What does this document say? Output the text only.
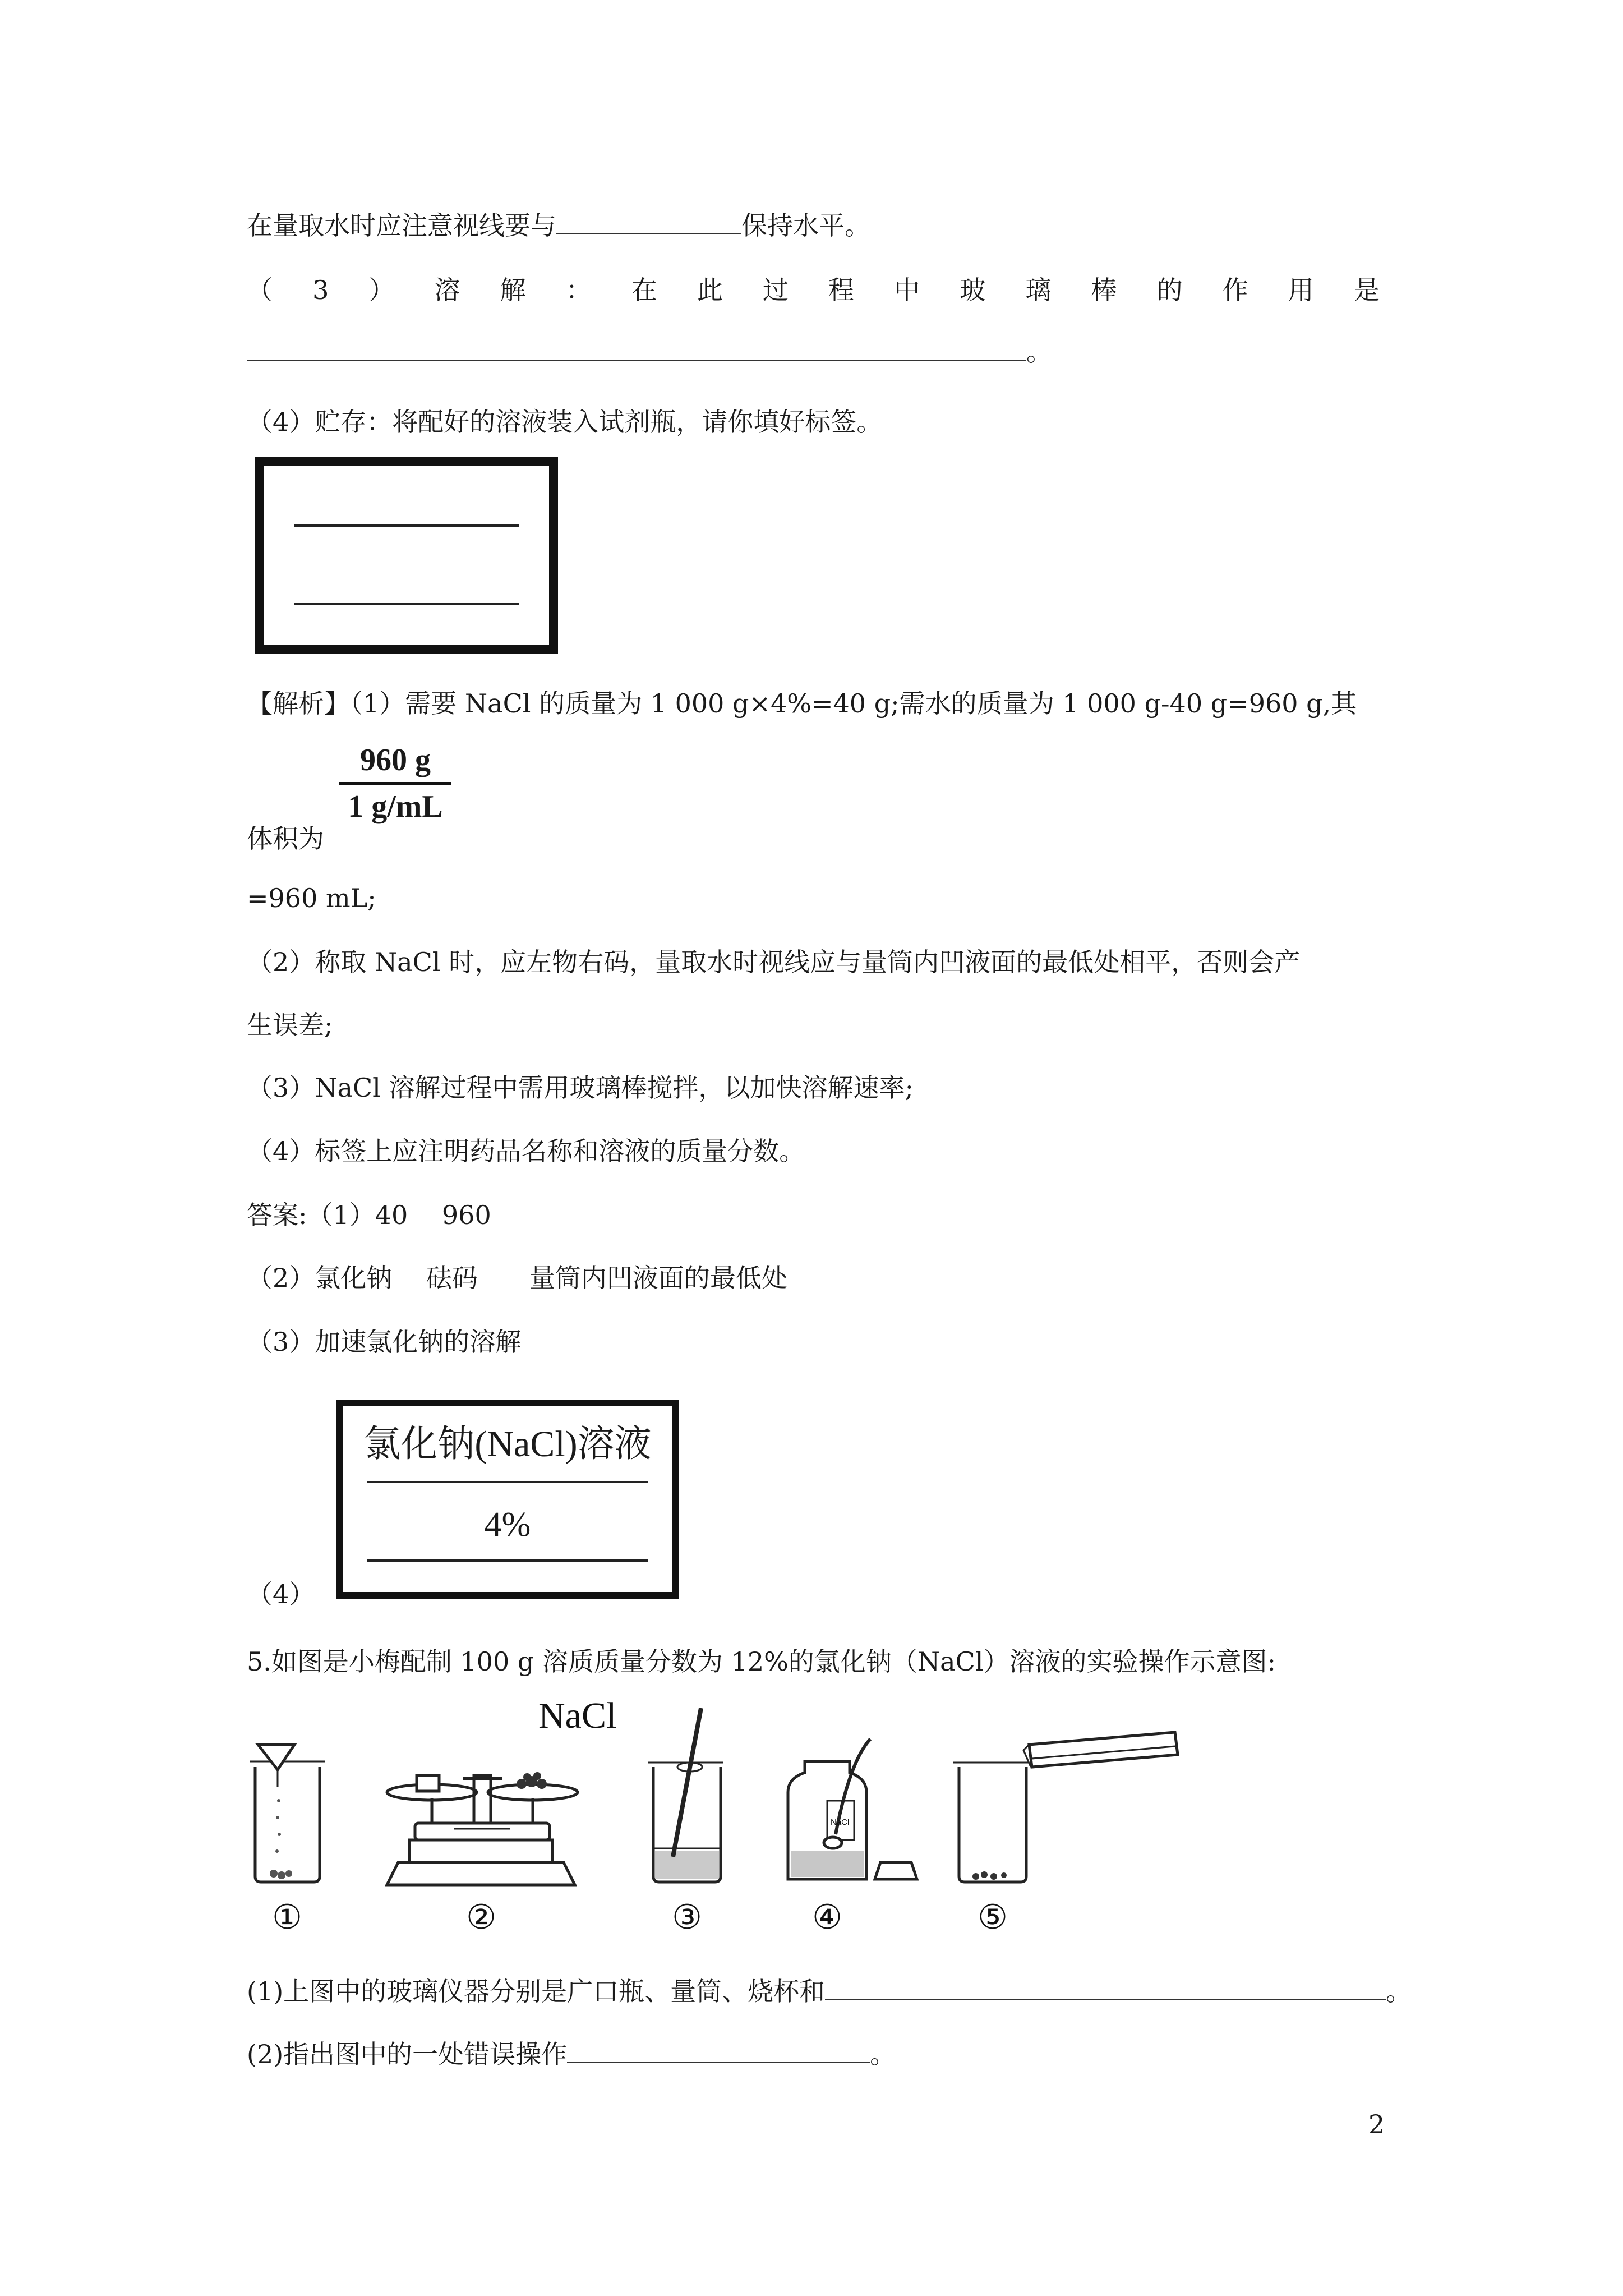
在量取水时应注意视线要与	保持水平。
（ 3 ） 溶 解 ： 在 此 过 程 中 玻 璃 棒 的 作 用 是
。
（4）贮存：将配好的溶液装入试剂瓶，请你填好标签。
【解析】（1）需要 NaCl 的质量为 1 000 g×4%=40 g;需水的质量为 1 000 g-40 g=960 g,其
960 g
1 g/mL
体积为
=960 mL;
（2）称取 NaCl 时，应左物右码，量取水时视线应与量筒内凹液面的最低处相平，否则会产
生误差;
（3）NaCl 溶解过程中需用玻璃棒搅拌，以加快溶解速率;
（4）标签上应注明药品名称和溶液的质量分数。
答案:（1）40　 960
（2）氯化钠　 砝码　　量筒内凹液面的最低处
（3）加速氯化钠的溶解
氯化钠(NaCl)溶液
4%
（4）
5.如图是小梅配制 100 g 溶质质量分数为 12%的氯化钠（NaCl）溶液的实验操作示意图:
NaCl
NaCl
①	②	③	④	⑤
(1)上图中的玻璃仪器分别是广口瓶、量筒、烧杯和	。
(2)指出图中的一处错误操作	。
2
